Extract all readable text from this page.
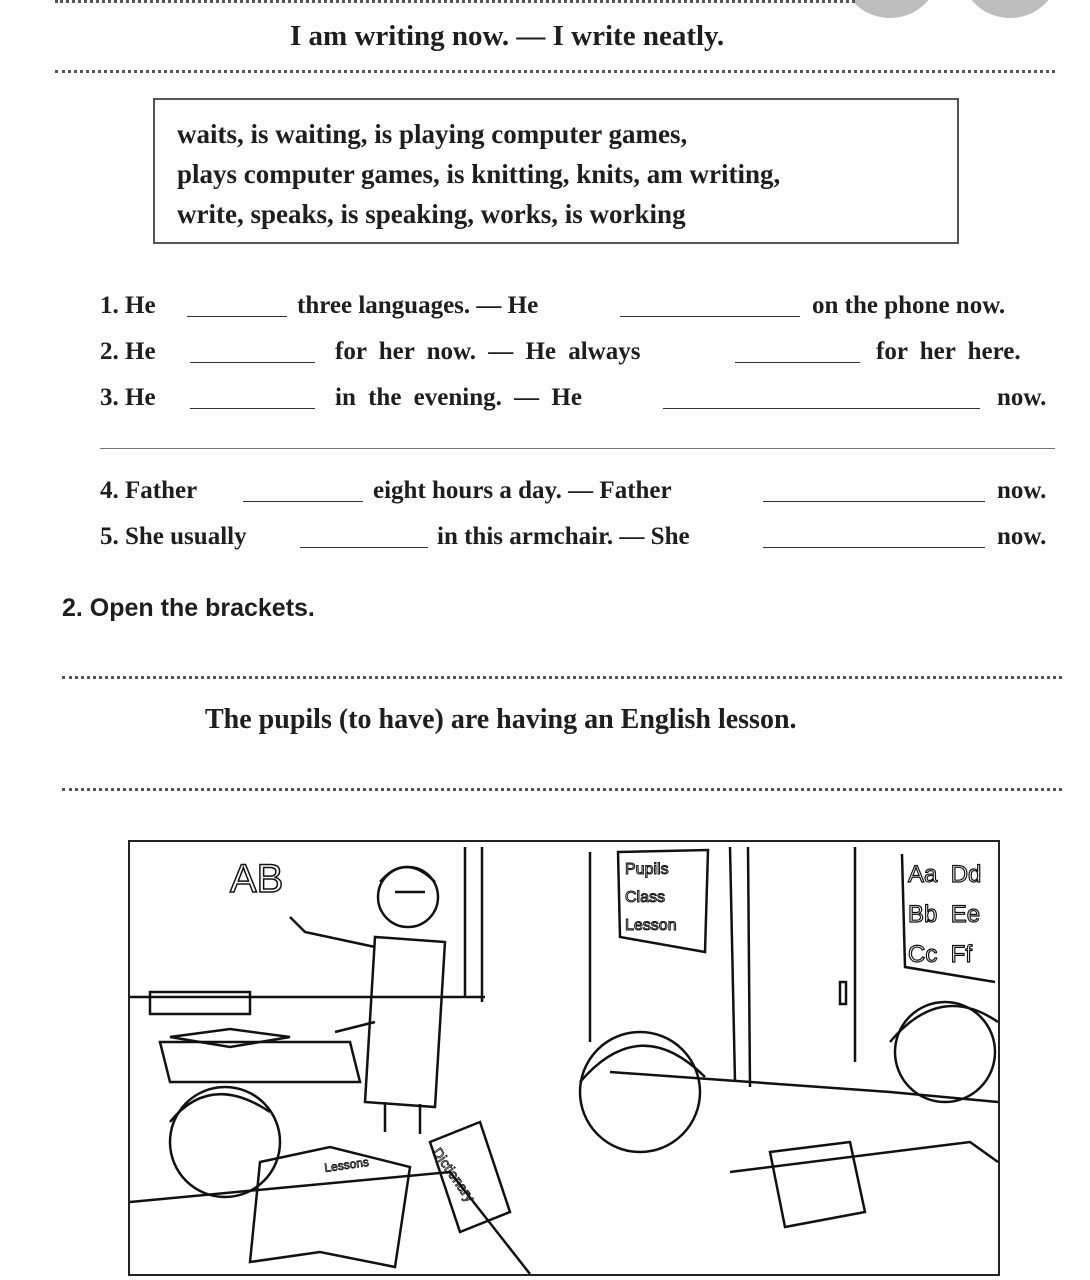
I am writing now. — I write neatly.
waits, is waiting, is playing computer games,
plays computer games, is knitting, knits, am writing,
write, speaks, is speaking, works, is working
1. He	three languages. — He	on the phone now.
2. He	for her now. — He always	for her here.
3. He	in the evening. — He	now.
4. Father	eight hours a day. — Father	now.
5. She usually	in this armchair. — She	now.
2. Open the brackets.
The pupils (to have) are having an English lesson.
AB	Pupils
Class
Lesson
Aa  Dd
Bb  Ee
Cc  Ff
Lessons	Dictionary
